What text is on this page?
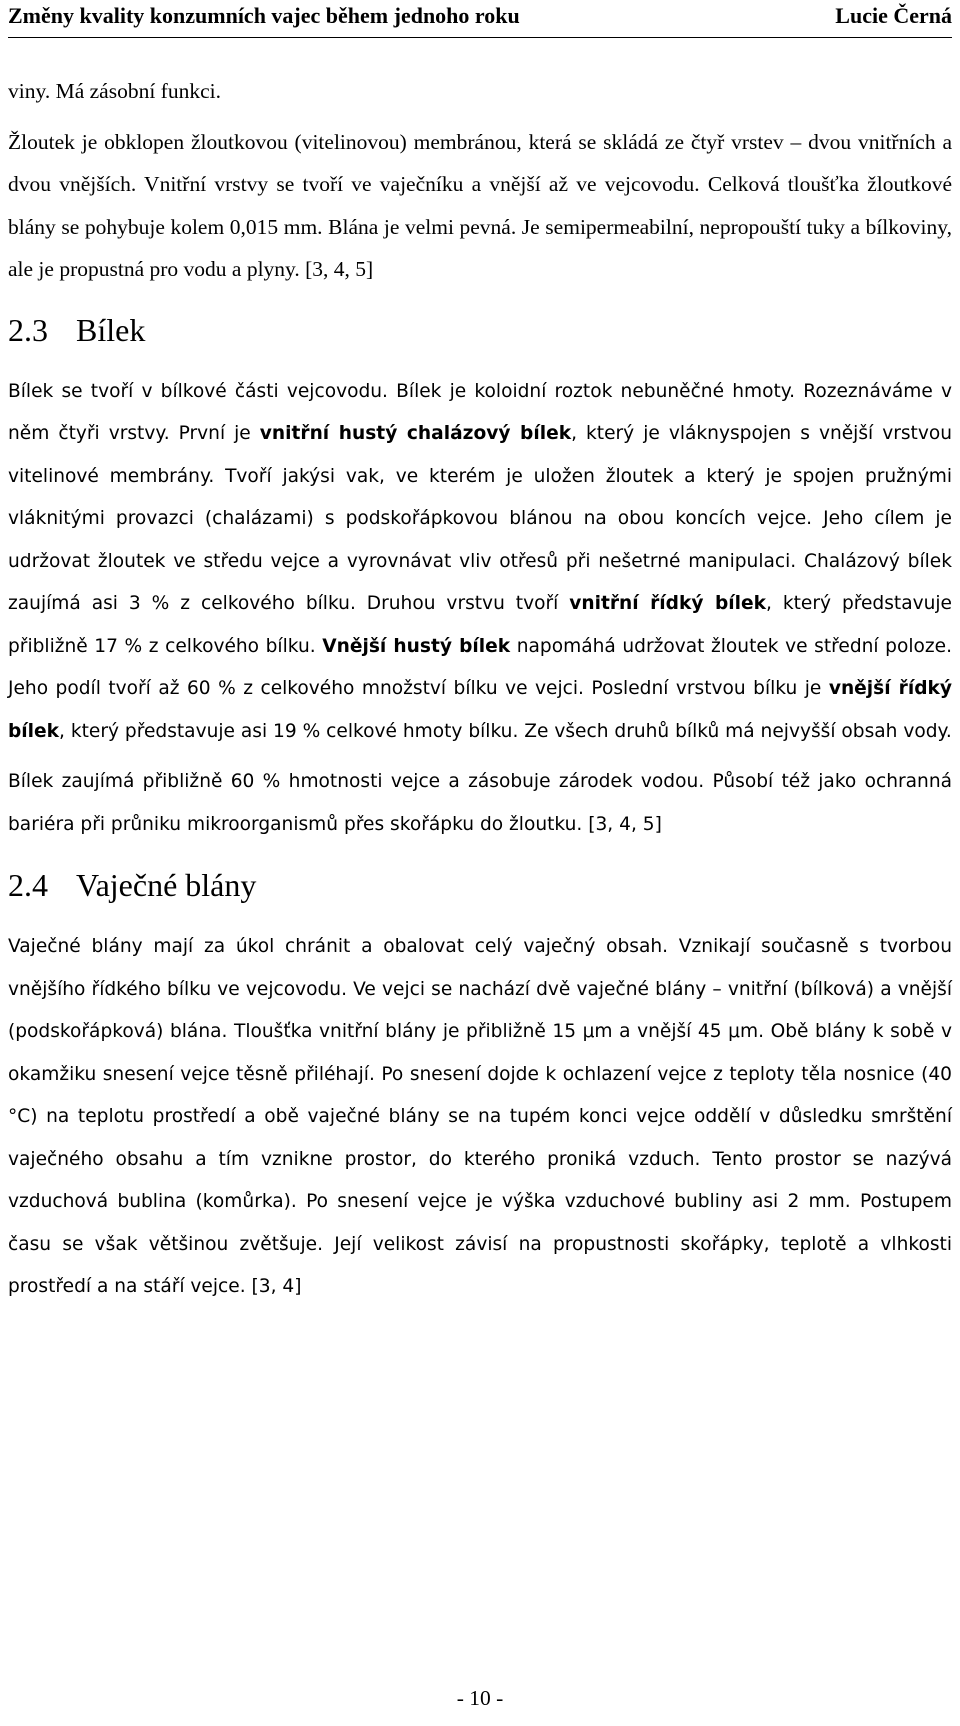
Změny kvality konzumních vajec během jednoho roku	Lucie Černá

viny. Má zásobní funkci.

Žloutek je obklopen žloutkovou (vitelinovou) membránou, která se skládá ze čtyř vrstev – dvou vnitřních a dvou vnějších. Vnitřní vrstvy se tvoří ve vaječníku a vnější až ve vejcovodu. Celková tloušťka žloutkové blány se pohybuje kolem 0,015 mm. Blána je velmi pevná. Je semipermeabilní, nepropouští tuky a bílkoviny, ale je propustná pro vodu a plyny. [3, 4, 5]

2.3 Bílek

Bílek se tvoří v bílkové části vejcovodu. Bílek je koloidní roztok nebuněčné hmoty. Rozeznáváme v něm čtyři vrstvy. První je vnitřní hustý chalázový bílek, který je vláknyspojen s vnější vrstvou vitelinové membrány. Tvoří jakýsi vak, ve kterém je uložen žloutek a který je spojen pružnými vláknitými provazci (chalázami) s podskořápkovou blánou na obou koncích vejce. Jeho cílem je udržovat žloutek ve středu vejce a vyrovnávat vliv otřesů při nešetrné manipulaci. Chalázový bílek zaujímá asi 3 % z celkového bílku. Druhou vrstvu tvoří vnitřní řídký bílek, který představuje přibližně 17 % z celkového bílku. Vnější hustý bílek napomáhá udržovat žloutek ve střední poloze. Jeho podíl tvoří až 60 % z celkového množství bílku ve vejci. Poslední vrstvou bílku je vnější řídký bílek, který představuje asi 19 % celkové hmoty bílku. Ze všech druhů bílků má nejvyšší obsah vody.

Bílek zaujímá přibližně 60 % hmotnosti vejce a zásobuje zárodek vodou. Působí též jako ochranná bariéra při průniku mikroorganismů přes skořápku do žloutku. [3, 4, 5]

2.4 Vaječné blány

Vaječné blány mají za úkol chránit a obalovat celý vaječný obsah. Vznikají současně s tvorbou vnějšího řídkého bílku ve vejcovodu. Ve vejci se nachází dvě vaječné blány – vnitřní (bílková) a vnější (podskořápková) blána. Tloušťka vnitřní blány je přibližně 15 μm a vnější 45 μm. Obě blány k sobě v okamžiku snesení vejce těsně přiléhají. Po snesení dojde k ochlazení vejce z teploty těla nosnice (40 °C) na teplotu prostředí a obě vaječné blány se na tupém konci vejce oddělí v důsledku smrštění vaječného obsahu a tím vznikne prostor, do kterého proniká vzduch. Tento prostor se nazývá vzduchová bublina (komůrka). Po snesení vejce je výška vzduchové bubliny asi 2 mm. Postupem času se však většinou zvětšuje. Její velikost závisí na propustnosti skořápky, teplotě a vlhkosti prostředí a na stáří vejce. [3, 4]

- 10 -
